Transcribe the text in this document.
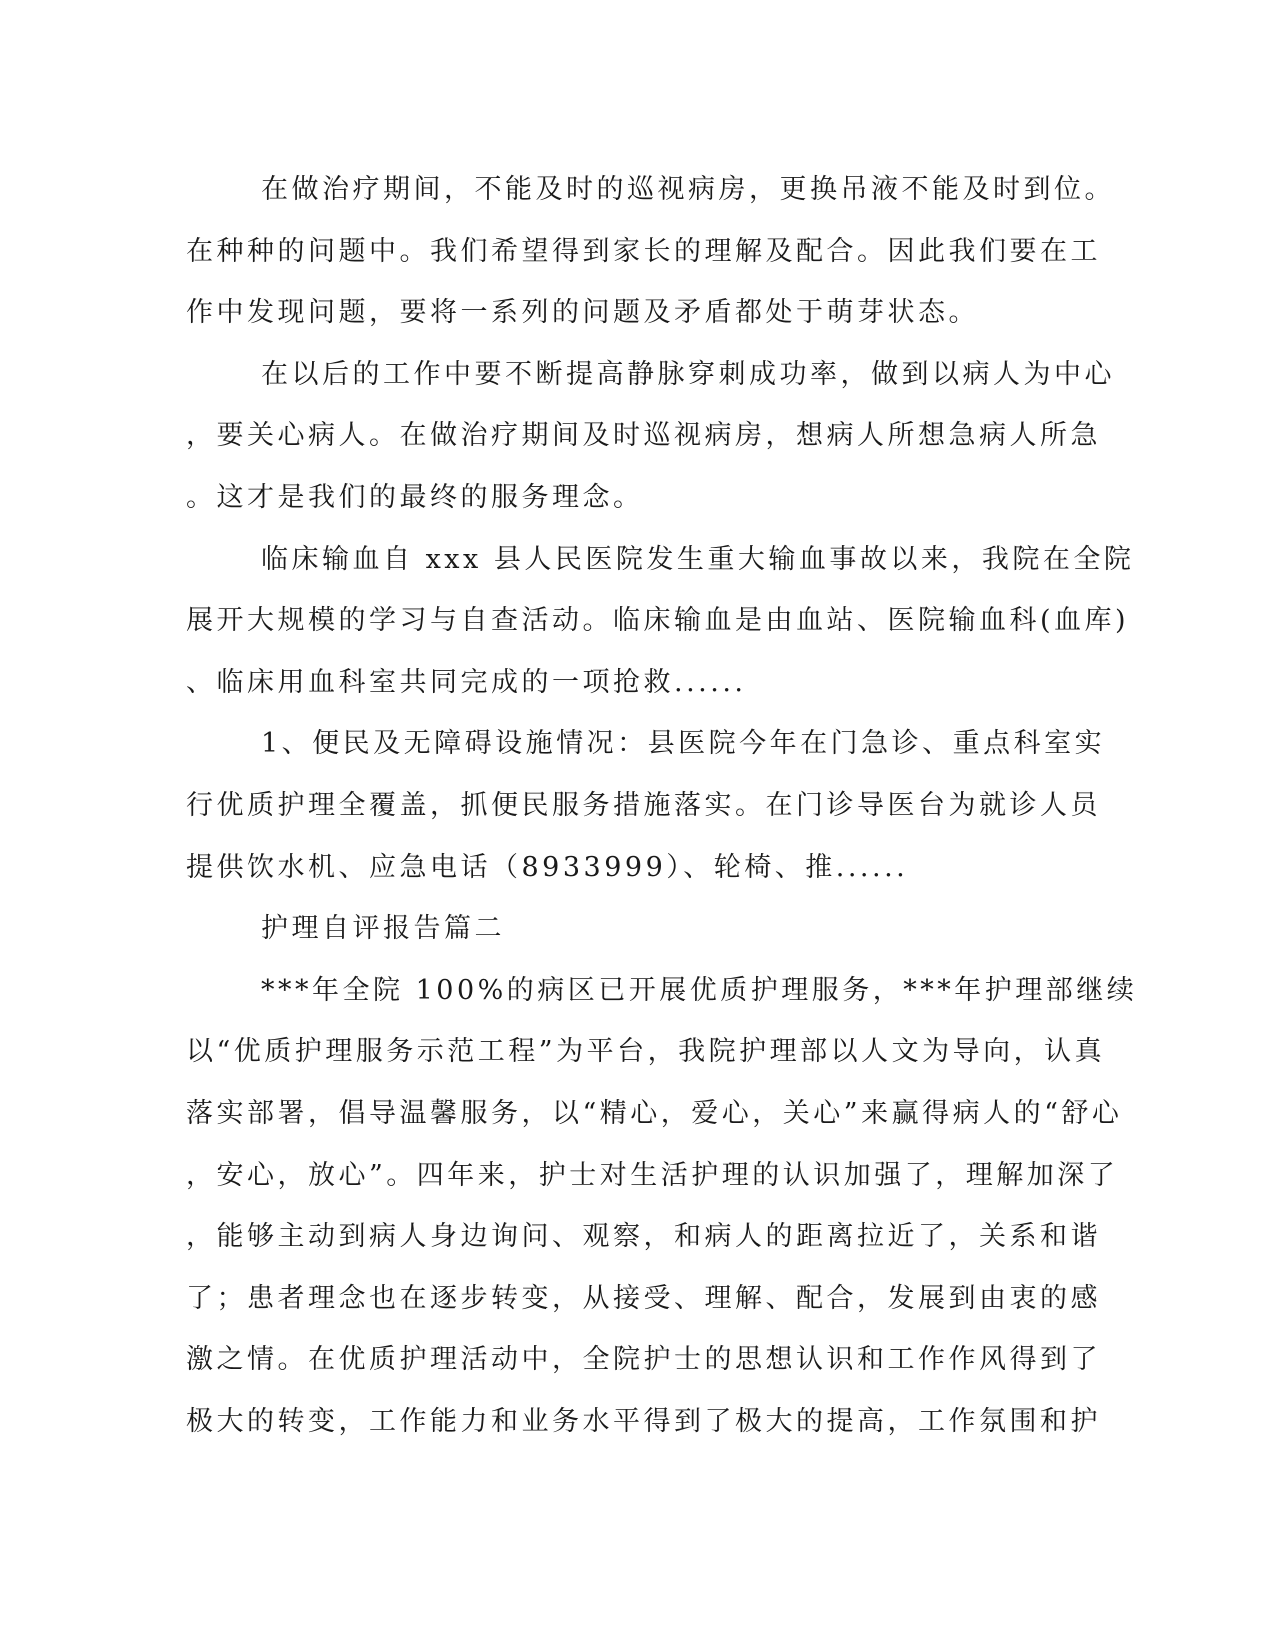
在做治疗期间，不能及时的巡视病房，更换吊液不能及时到位。
在种种的问题中。我们希望得到家长的理解及配合。因此我们要在工
作中发现问题，要将一系列的问题及矛盾都处于萌芽状态。
在以后的工作中要不断提高静脉穿刺成功率，做到以病人为中心
，要关心病人。在做治疗期间及时巡视病房，想病人所想急病人所急
。这才是我们的最终的服务理念。
临床输血自 xxx 县人民医院发生重大输血事故以来，我院在全院
展开大规模的学习与自查活动。临床输血是由血站、医院输血科(血库)
、临床用血科室共同完成的一项抢救......
1、便民及无障碍设施情况：县医院今年在门急诊、重点科室实
行优质护理全覆盖，抓便民服务措施落实。在门诊导医台为就诊人员
提供饮水机、应急电话（8933999）、轮椅、推......
护理自评报告篇二
***年全院 100%的病区已开展优质护理服务，***年护理部继续
以“优质护理服务示范工程”为平台，我院护理部以人文为导向，认真
落实部署，倡导温馨服务，以“精心，爱心，关心”来赢得病人的“舒心
，安心，放心”。四年来，护士对生活护理的认识加强了，理解加深了
，能够主动到病人身边询问、观察，和病人的距离拉近了，关系和谐
了；患者理念也在逐步转变，从接受、理解、配合，发展到由衷的感
激之情。在优质护理活动中，全院护士的思想认识和工作作风得到了
极大的转变，工作能力和业务水平得到了极大的提高，工作氛围和护
